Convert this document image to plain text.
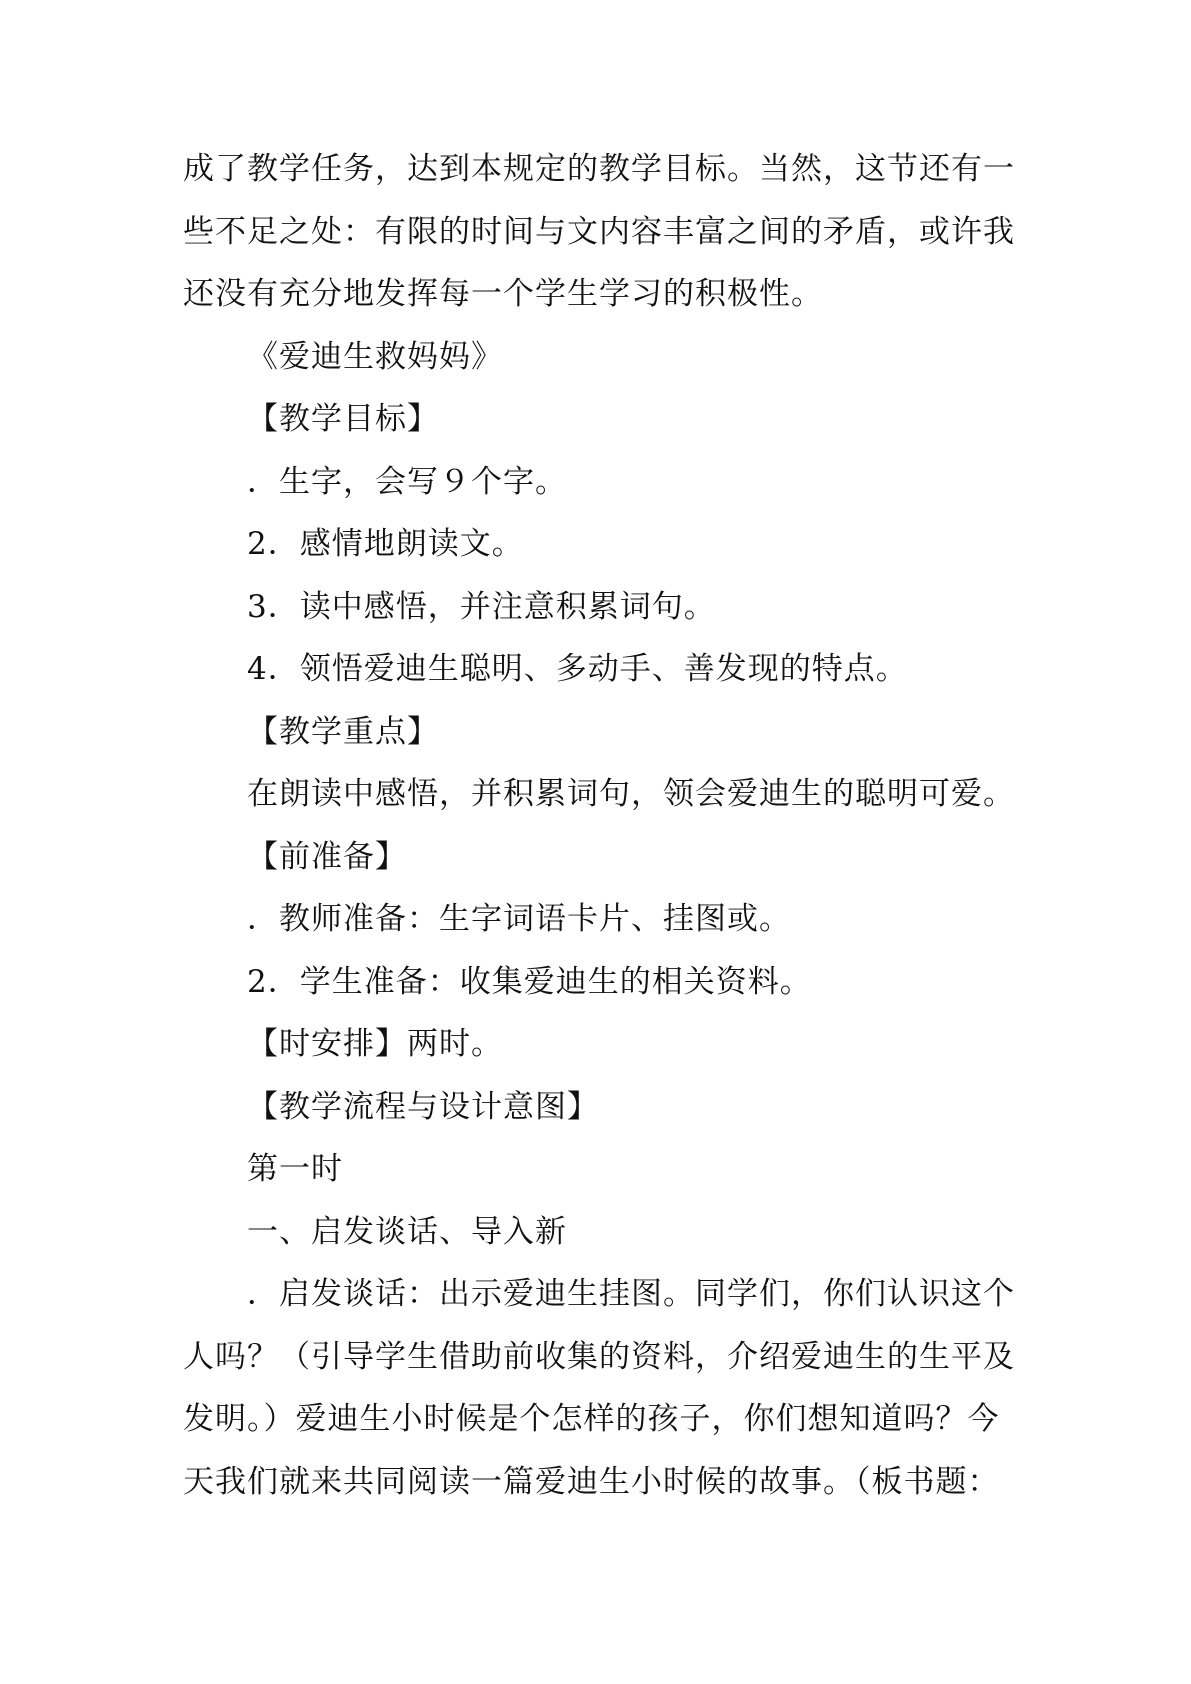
成了教学任务，达到本规定的教学目标。当然，这节还有一
些不足之处：有限的时间与文内容丰富之间的矛盾，或许我
还没有充分地发挥每一个学生学习的积极性。
《爱迪生救妈妈》
【教学目标】
．生字，会写９个字。
2．感情地朗读文。
3．读中感悟，并注意积累词句。
4．领悟爱迪生聪明、多动手、善发现的特点。
【教学重点】
在朗读中感悟，并积累词句，领会爱迪生的聪明可爱。
【前准备】
．教师准备：生字词语卡片、挂图或。
2．学生准备：收集爱迪生的相关资料。
【时安排】两时。
【教学流程与设计意图】
第一时
一、启发谈话、导入新
．启发谈话：出示爱迪生挂图。同学们，你们认识这个
人吗？（引导学生借助前收集的资料，介绍爱迪生的生平及
发明。）爱迪生小时候是个怎样的孩子，你们想知道吗？今
天我们就来共同阅读一篇爱迪生小时候的故事。（板书题：
